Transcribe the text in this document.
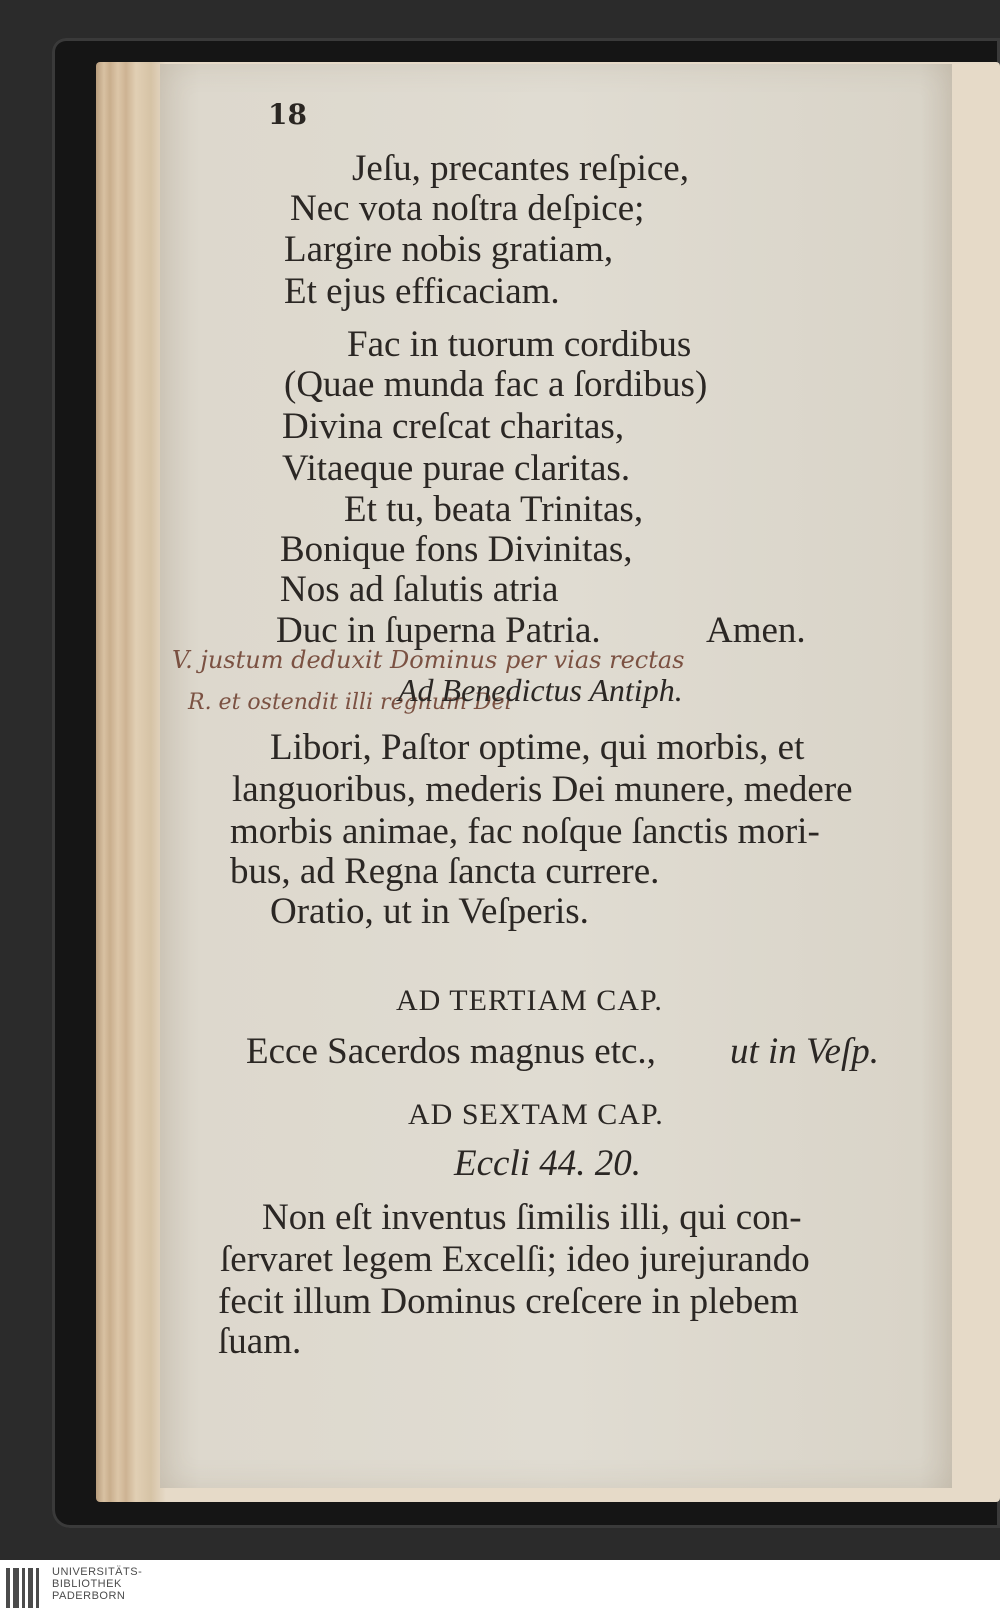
18
Jeſu, precantes reſpice,
Nec vota noſtra deſpice;
Largire nobis gratiam,
Et ejus efficaciam.
Fac in tuorum cordibus
(Quae munda fac a ſordibus)
Divina creſcat charitas,
Vitaeque purae claritas.
Et tu, beata Trinitas,
Bonique fons Divinitas,
Nos ad ſalutis atria
Duc in ſuperna Patria.	Amen.
V. justum deduxit Dominus per vias rectas
R. et ostendit illi regnum Dei
Ad Benedictus Antiph.
Libori, Paſtor optime, qui morbis, et
languoribus, mederis Dei munere, medere
morbis animae, fac noſque ſanctis mori-
bus, ad Regna ſancta currere.
Oratio, ut in Veſperis.
AD TERTIAM CAP.
Ecce Sacerdos magnus etc., ut in Veſp.
AD SEXTAM CAP.
Eccli 44. 20.
Non eſt inventus ſimilis illi, qui con-
ſervaret legem Excelſi; ideo jurejurando
fecit illum Dominus creſcere in plebem
ſuam.
UNIVERSITÄTS-
BIBLIOTHEK
PADERBORN
